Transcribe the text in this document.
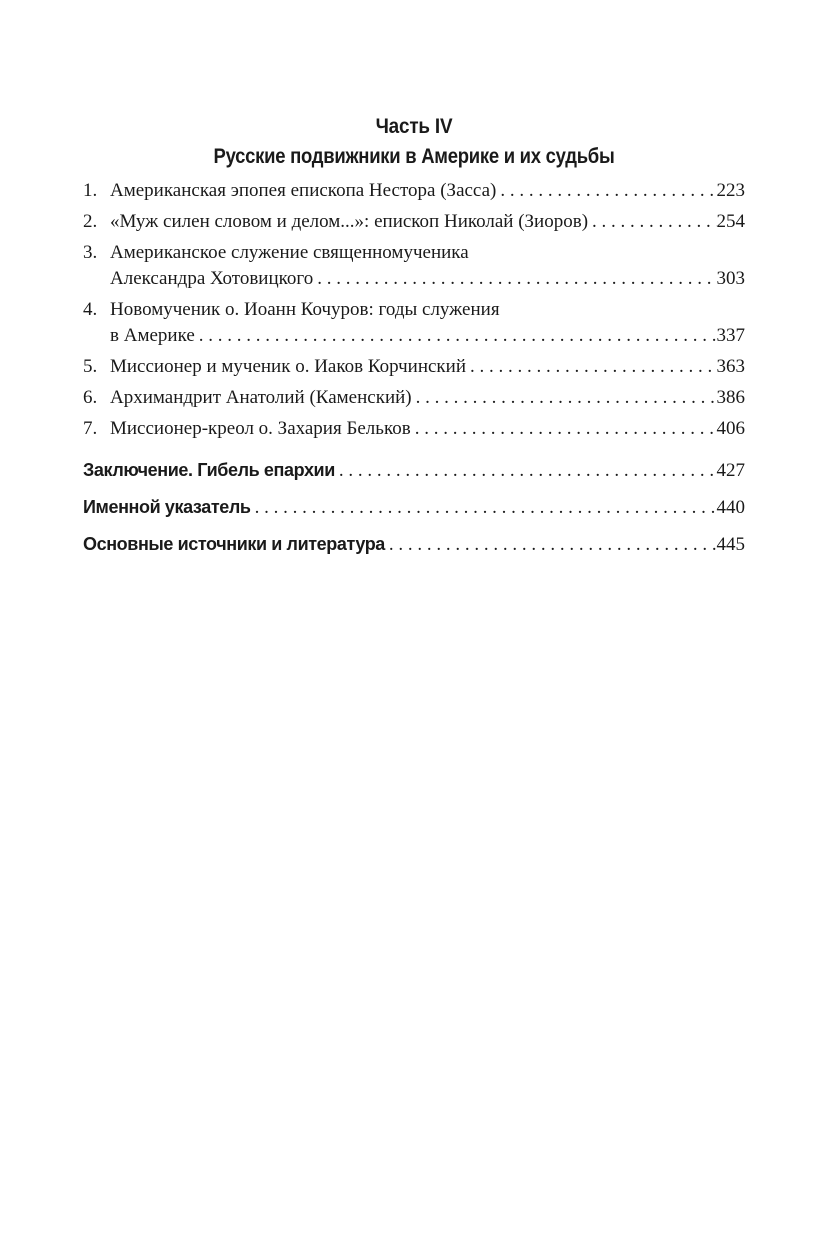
Часть IV
Русские подвижники в Америке и их судьбы
1. Американская эпопея епископа Нестора (Засса) . . .	223
2. «Муж силен словом и делом...»: епископ Николай (Зиоров) . . .	254
3. Американское служение священномученика
Александра Хотовицкого . . .	303
4. Новомученик о. Иоанн Кочуров: годы служения
в Америке . . .	337
5. Миссионер и мученик о. Иаков Корчинский . . .	363
6. Архимандрит Анатолий (Каменский) . . .	386
7. Миссионер-креол о. Захария Бельков . . .	406
Заключение. Гибель епархии . . .	427
Именной указатель . . .	440
Основные источники и литература . . .	445
